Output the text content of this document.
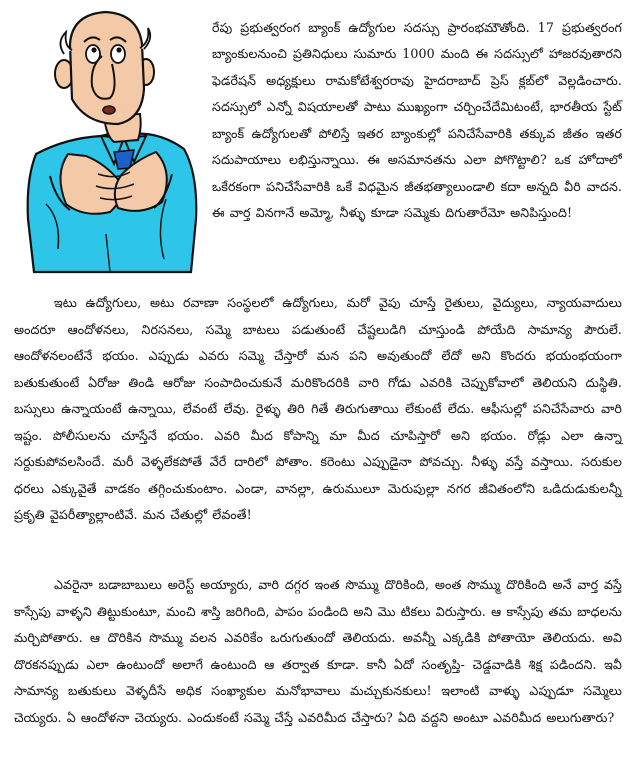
రేపు ప్రభుత్వరంగ బ్యాంక్ ఉద్యోగుల సదస్సు ప్రారంభమౌతోంది. 17 ప్రభుత్వరంగ బ్యాంకులనుంచి ప్రతినిధులు సుమారు 1000 మంది ఈ సదస్సులో హాజరవుతారని ఫెడరేషన్ అధ్యక్షులు రామకోటేశ్వరరావు హైదరాబాద్ ప్రెస్ క్లబ్‌లో వెల్లడించారు. సదస్సులో ఎన్నో విషయాలతో పాటు ముఖ్యంగా చర్చించేదేమిటంటే, భారతీయ స్టేట్ బ్యాంక్ ఉద్యోగులతో పోలిస్తే ఇతర బ్యాంకుల్లో పనిచేసేవారికి తక్కువ జీతం ఇతర సదుపాయాలు లభిస్తున్నాయి. ఈ అసమానతను ఎలా పోగొట్టాలి? ఒక హోదాలో ఒకేరకంగా పనిచేసేవారికి ఒకే విధమైన జీతభత్యాలుండాలి కదా అన్నది వీరి వాదన. ఈ వార్త వినగానే అమ్మో, నీళ్ళు కూడా సమ్మెకు దిగుతారేమో అనిపిస్తుంది!

ఇటు ఉద్యోగులు, అటు రవాణా సంస్థలలో ఉద్యోగులు, మరో వైపు చూస్తే రైతులు, వైద్యులు, న్యాయవాదులు అందరూ ఆందోళనలు, నిరసనలు, సమ్మె బాటలు పడుతుంటే చేష్టలుడిగి చూస్తుండి పోయేది సామాన్య పౌరులే. ఆందోళనలంటేనే భయం. ఎప్పుడు ఎవరు సమ్మె చేస్తారో మన పని అవుతుందో లేదో అని కొందరు భయంభయంగా బతుకుతుంటే ఏరోజు తిండి ఆరోజు సంపాదించుకునే మరికొందరికి వారి గోడు ఎవరికి చెప్పుకోవాలో తెలియని దుస్థితి. బస్సులు ఉన్నాయంటే ఉన్నాయి, లేవంటే లేవు. రైళ్ళు తిరి గితే తిరుగుతాయి లేకుంటే లేదు. ఆఫీసుల్లో పనిచేసేవారు వారి ఇష్టం. పోలీసులను చూస్తేనే భయం. ఎవరి మీద కోపాన్ని మా మీద చూపిస్తారో అని భయం. రోడ్లు ఎలా ఉన్నా సర్దుకుపోవలసిందే. మరీ వెళ్ళలేకపోతే వేరే దారిలో పోతాం. కరెంటు ఎప్పుడైనా పోవచ్చు. నీళ్ళు వస్తే వస్తాయి. సరుకుల ధరలు ఎక్కువైతే వాడకం తగ్గించుకుంటాం. ఎండా, వానల్లా, ఉరుములూ మెరుపుల్లా నగర జీవితంలోని ఒడిదుడుకులన్నీ ప్రకృతి వైపరీత్యాల్లాంటివే. మన చేతుల్లో లేవంతే!
ఎవరైనా బడాబాబులు అరెస్ట్ అయ్యారు, వారి దగ్గర ఇంత సొమ్ము దొరికింది, అంత సొమ్ము దొరికింది అనే వార్త వస్తే కాస్సేపు వాళ్ళని తిట్టుకుంటూ, మంచి శాస్తి జరిగింది, పాపం పండింది అని మొ టికలు విరుస్తారు. ఆ కాస్సేపు తమ బాధలను మర్చిపోతారు. ఆ దొరికిన సొమ్ము వలన ఎవరికేం ఒరుగుతుందో తెలియదు. అవన్నీ ఎక్కడికి పోతాయో తెలియదు. అవి దొరకనప్పుడు ఎలా ఉంటుందో అలాగే ఉంటుంది ఆ తర్వాత కూడా. కానీ ఏదో సంతృప్తి- చెడ్డవాడికి శిక్ష పడిందని. ఇవీ సామాన్య బతుకులు వెళ్ళదీసే అధిక సంఖ్యాకుల మనోభావాలు మచ్చుకునకులు! ఇలాంటి వాళ్ళు ఎప్పుడూ సమ్మెలు చెయ్యరు. ఏ ఆందోళనా చెయ్యరు. ఎందుకంటే సమ్మె చేస్తే ఎవరిమీద చేస్తారు? ఏది వద్దని అంటూ ఎవరిమీద అలుగుతారు?
